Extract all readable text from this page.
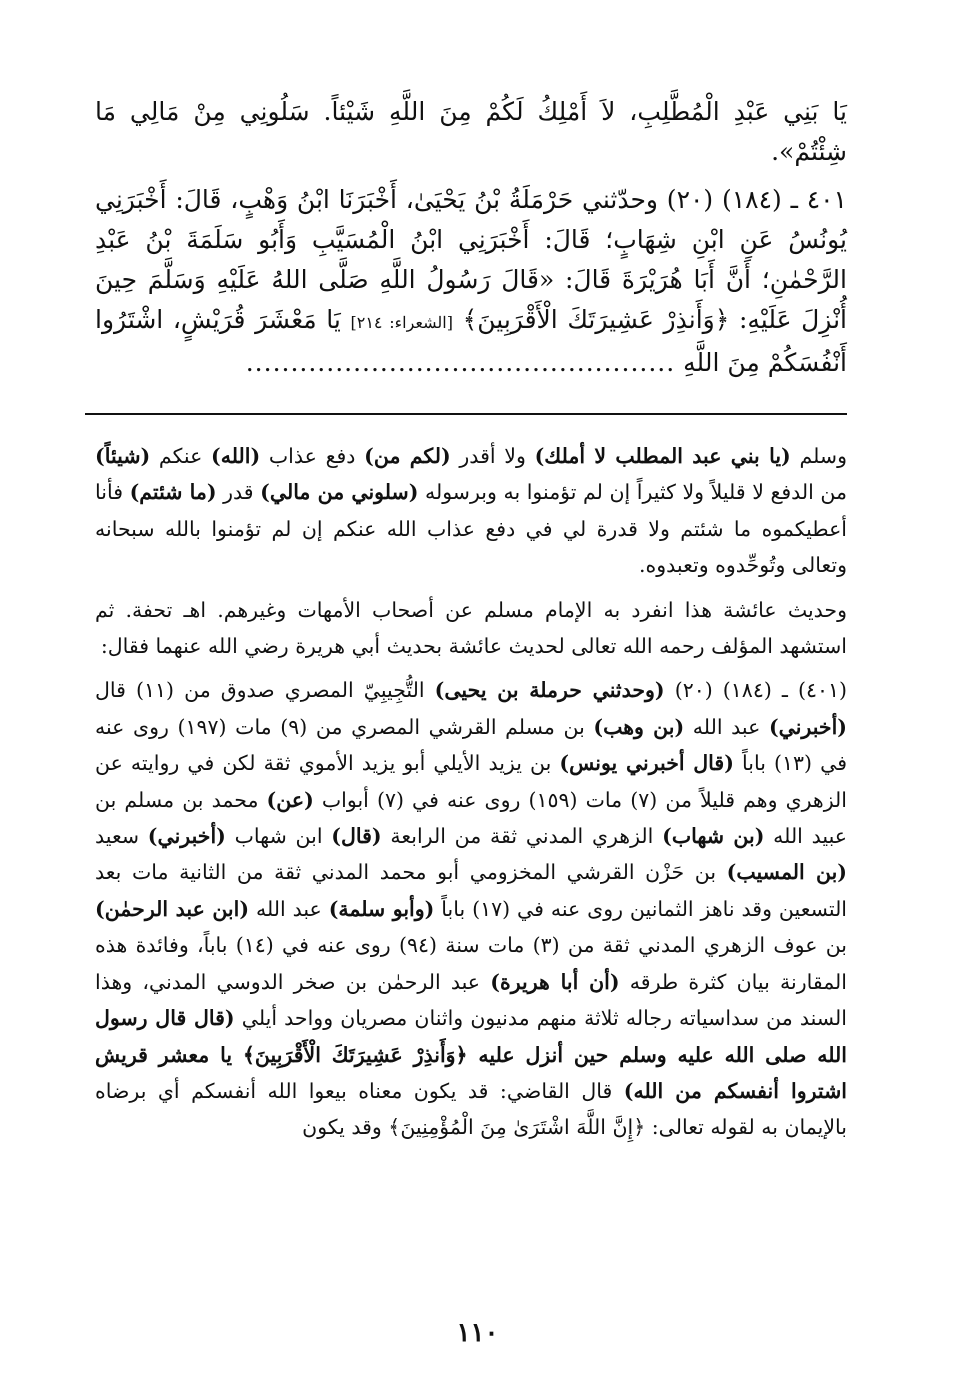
يَا بَنِي عَبْدِ الْمُطَّلِبِ، لاَ أَمْلِكُ لَكُمْ مِنَ اللَّهِ شَيْئاً. سَلُونِي مِنْ مَالِي مَا شِئْتُمْ».

٤٠١ ـ (١٨٤) (٢٠) وحدّثني حَرْمَلَةُ بْنُ يَحْيَىٰ، أَخْبَرَنَا ابْنُ وَهْبٍ، قَالَ: أَخْبَرَنِي يُونُسُ عَنِ ابْنِ شِهَابٍ؛ قَالَ: أَخْبَرَنِي ابْنُ الْمُسَيَّبِ وَأَبُو سَلَمَةَ بْنُ عَبْدِ الرَّحْمٰنِ؛ أَنَّ أَبَا هُرَيْرَةَ قَالَ: «قَالَ رَسُولُ اللَّهِ صَلَّى اللهُ عَلَيْهِ وَسَلَّمَ حِينَ أُنْزِلَ عَلَيْهِ: ﴿وَأَنذِرْ عَشِيرَتَكَ الْأَقْرَبِينَ﴾ [الشعراء: ٢١٤] يَا مَعْشَرَ قُرَيْشٍ، اشْتَرُوا أَنْفُسَكُمْ مِنَ اللَّهِ ................................................

وسلم (يا بني عبد المطلب لا أملك) ولا أقدر (لكم من) دفع عذاب (الله) عنكم (شيئاً) من الدفع لا قليلاً ولا كثيراً إن لم تؤمنوا به وبرسوله (سلوني من مالي) قدر (ما شئتم) فأنا أعطيكموه ما شئتم ولا قدرة لي في دفع عذاب الله عنكم إن لم تؤمنوا بالله سبحانه وتعالى وتُوحِّدوه وتعبدوه.

وحديث عائشة هذا انفرد به الإمام مسلم عن أصحاب الأمهات وغيرهم. اهـ تحفة. ثم استشهد المؤلف رحمه الله تعالى لحديث عائشة بحديث أبي هريرة رضي الله عنهما فقال:

(٤٠١) ـ (١٨٤) (٢٠) (وحدثني حرملة بن يحيى) التُّجِيبِيّ المصري صدوق من (١١) قال (أخبرني) عبد الله (بن وهب) بن مسلم القرشي المصري من (٩) مات (١٩٧) روى عنه في (١٣) باباً (قال أخبرني يونس) بن يزيد الأيلي أبو يزيد الأموي ثقة لكن في روايته عن الزهري وهم قليلاً من (٧) مات (١٥٩) روى عنه في (٧) أبواب (عن) محمد بن مسلم بن عبيد الله (بن شهاب) الزهري المدني ثقة من الرابعة (قال) ابن شهاب (أخبرني) سعيد (بن المسيب) بن حَزْن القرشي المخزومي أبو محمد المدني ثقة من الثانية مات بعد التسعين وقد ناهز الثمانين روى عنه في (١٧) باباً (وأبو سلمة) عبد الله (ابن عبد الرحمٰن) بن عوف الزهري المدني ثقة من (٣) مات سنة (٩٤) روى عنه في (١٤) باباً، وفائدة هذه المقارنة بيان كثرة طرقه (أن أبا هريرة) عبد الرحمٰن بن صخر الدوسي المدني، وهذا السند من سداسياته رجاله ثلاثة منهم مدنيون واثنان مصريان وواحد أيلي (قال قال رسول الله صلى الله عليه وسلم حين أنزل عليه ﴿وَأَنذِرْ عَشِيرَتَكَ الْأَقْرَبِينَ﴾ يا معشر قريش اشتروا أنفسكم من الله) قال القاضي: قد يكون معناه بيعوا الله أنفسكم أي برضاه بالإيمان به لقوله تعالى: ﴿إِنَّ اللَّهَ اشْتَرَىٰ مِنَ الْمُؤْمِنِينَ﴾ وقد يكون

١١٠
